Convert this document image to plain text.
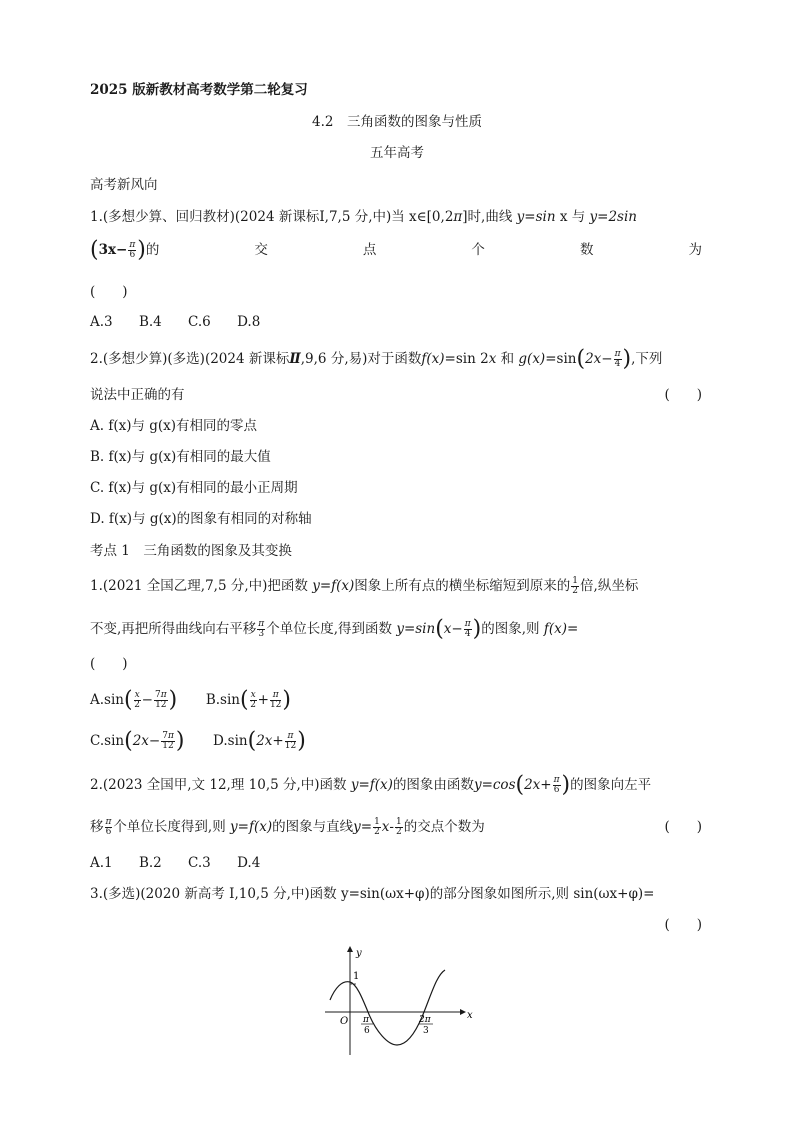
2025 版新教材高考数学第二轮复习
4.2　三角函数的图象与性质
五年高考
高考新风向
1.(多想少算、回归教材)(2024 新课标Ⅰ,7,5 分,中)当 x∈[0,2π]时,曲线 y=sin x 与 y=2sin
($3x- \frac{\pi}{6}$ )的	交	点	个	数	为
(　　)
A.3 B.4 C.6 D.8
2.(多想少算)(多选)(2024 新课标Ⅱ,9,6 分,易)对于函数f(x)=sin 2x 和 $g(x)=\sin(2x- \frac{\pi}{4}$ ),下列
说法中正确的有	(　　)
A. f(x)与 g(x)有相同的零点
B. f(x)与 g(x)有相同的最大值
C. f(x)与 g(x)有相同的最小正周期
D. f(x)与 g(x)的图象有相同的对称轴
考点 1　三角函数的图象及其变换
1.(2021 全国乙理,7,5 分,中)把函数 y=f(x)图象上所有点的横坐标缩短到原来的 $\frac{1}{2}$ 倍,纵坐标
不变,再把所得曲线向右平移 $\frac{\pi}{3}$ 个单位长度,得到函数 $y=\sin(x- \frac{\pi}{4}$ )的图象,则 f(x)=
(　　)
$A.\sin( \frac{x}{2} - \frac{7\pi}{12}$ ) $B.\sin( \frac{x}{2} + \frac{\pi}{12}$ )
$C.\sin(2x- \frac{7\pi}{12}$ ) $D.\sin(2x+ \frac{\pi}{12}$ )
2.(2023 全国甲,文 12,理 10,5 分,中)函数 y=f(x)的图象由函数$y=\cos(2x+ \frac{\pi}{6}$ )的图象向左平
移 $\frac{\pi}{6}$ 个单位长度得到,则 y=f(x)的图象与直线$y= \frac{1}{2} x- \frac{1}{2}$ 的交点个数为	(　　)
A.1 B.2 C.3 D.4
3.(多选)(2020 新高考 Ⅰ,10,5 分,中)函数 y=sin(ωx+φ)的部分图象如图所示,则 sin(ωx+φ)=
(　　)
y
x
O
1
π
6
2π
3
